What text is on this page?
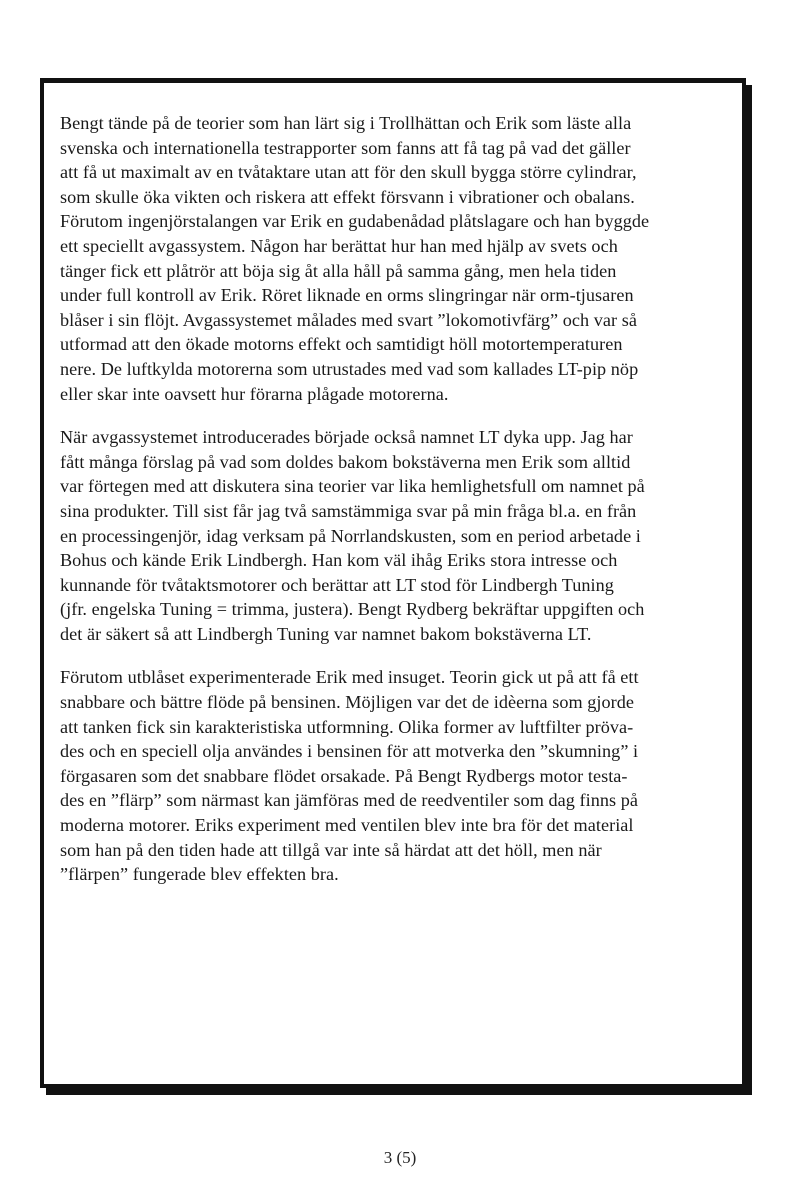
Bengt tände på de teorier som han lärt sig i Trollhättan och Erik som läste alla
svenska och internationella testrapporter som fanns att få tag på vad det gäller
att få ut maximalt av en tvåtaktare utan att för den skull bygga större cylindrar,
som skulle öka vikten och riskera att effekt försvann i vibrationer och obalans.
Förutom ingenjörstalangen var Erik en gudabenådad plåtslagare och han byggde
ett speciellt avgassystem. Någon har berättat hur han med hjälp av svets och
tänger fick ett plåtrör att böja sig åt alla håll på samma gång, men hela tiden
under full kontroll av Erik. Röret liknade en orms slingringar när orm-tjusaren
blåser i sin flöjt. Avgassystemet målades med svart ”lokomotivfärg” och var så
utformad att den ökade motorns effekt och samtidigt höll motortemperaturen
nere. De luftkylda motorerna som utrustades med vad som kallades LT-pip nöp
eller skar inte oavsett hur förarna plågade motorerna.
När avgassystemet introducerades började också namnet LT dyka upp. Jag har
fått många förslag på vad som doldes bakom bokstäverna men Erik som alltid
var förtegen med att diskutera sina teorier var lika hemlighetsfull om namnet på
sina produkter. Till sist får jag två samstämmiga svar på min fråga bl.a. en från
en processingenjör, idag verksam på Norrlandskusten, som en period arbetade i
Bohus och kände Erik Lindbergh. Han kom väl ihåg Eriks stora intresse och
kunnande för tvåtaktsmotorer och berättar att LT stod för Lindbergh Tuning
(jfr. engelska Tuning = trimma, justera). Bengt Rydberg bekräftar uppgiften och
det är säkert så att Lindbergh Tuning var namnet bakom bokstäverna LT.
Förutom utblåset experimenterade Erik med insuget. Teorin gick ut på att få ett
snabbare och bättre flöde på bensinen. Möjligen var det de idèerna som gjorde
att tanken fick sin karakteristiska utformning. Olika former av luftfilter pröva-
des och en speciell olja användes i bensinen för att motverka den ”skumning” i
förgasaren som det snabbare flödet orsakade. På Bengt Rydbergs motor testa-
des en ”flärp” som närmast kan jämföras med de reedventiler som dag finns på
moderna motorer. Eriks experiment med ventilen blev inte bra för det material
som han på den tiden hade att tillgå var inte så härdat att det höll, men när
”flärpen” fungerade blev effekten bra.
3 (5)
